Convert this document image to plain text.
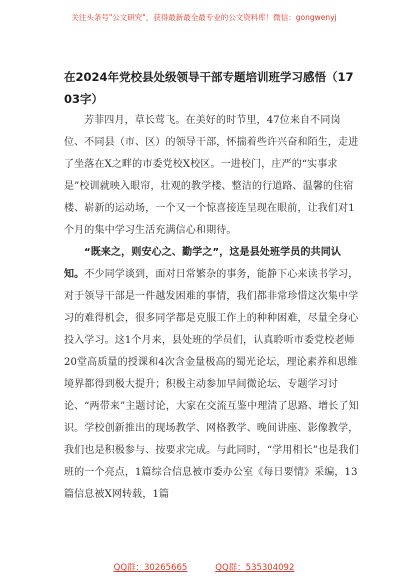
关注头条号"公文研究"，获得最新最全最专业的公文资料库！微信：gongwenyj
在2024年党校县处级领导干部专题培训班学习感悟（1703字）

芳菲四月，草长莺飞。在美好的时节里，47位来自不同岗位、不同县（市、区）的领导干部，怀揣着些许兴奋和陌生，走进了坐落在X之畔的市委党校X校区。一进校门，庄严的“实事求是”校训就映入眼帘，壮观的教学楼、整洁的行道路、温馨的住宿楼、崭新的运动场，一个又一个惊喜接连呈现在眼前，让我们对1个月的集中学习生活充满信心和期待。

“既来之，则安心之、勤学之”，这是县处班学员的共同认知。不少同学谈到，面对日常繁杂的事务，能静下心来读书学习，对于领导干部是一件越发困难的事情，我们都非常珍惜这次集中学习的难得机会，很多同学都是克服工作上的种种困难，尽量全身心投入学习。这1个月来，县处班的学员们，认真聆听市委党校老师20堂高质量的授课和4次含金量极高的蜀光论坛，理论素养和思维境界都得到极大提升；积极主动参加早间微论坛、专题学习讨论、“两带来”主题讨论，大家在交流互鉴中理清了思路、增长了知识。学校创新推出的现场教学、网格教学、晚间讲座、影像教学，我们也是积极参与、按要求完成。与此同时，“学用相长”也是我们班的一个亮点，1篇综合信息被市委办公室《每日要情》采编，13篇信息被X网转载，1篇

QQ群：30265665	QQ群：535304092
